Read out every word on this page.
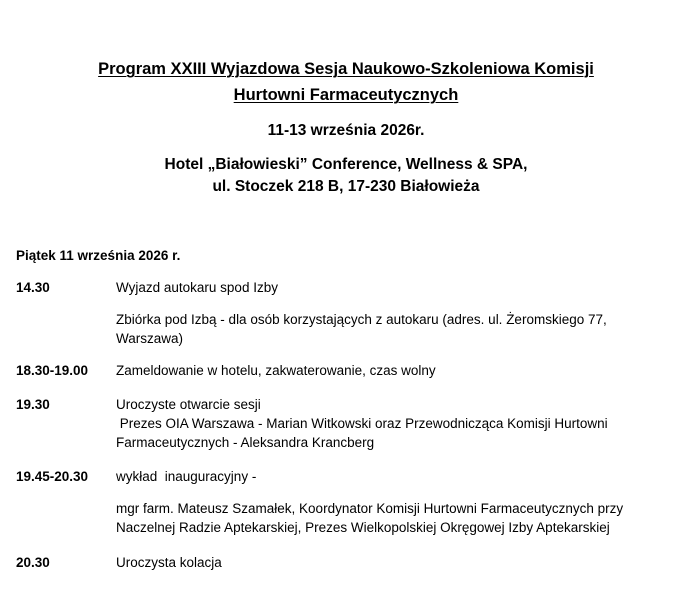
Program XXIII Wyjazdowa Sesja Naukowo-Szkoleniowa Komisji
Hurtowni Farmaceutycznych
11-13 września 2026r.
Hotel „Białowieski” Conference, Wellness & SPA,
ul. Stoczek 218 B, 17-230 Białowieża
Piątek 11 września 2026 r.
14.30	Wyjazd autokaru spod Izby
Zbiórka pod Izbą - dla osób korzystających z autokaru (adres. ul. Żeromskiego 77,
Warszawa)
18.30-19.00 Zameldowanie w hotelu, zakwaterowanie, czas wolny
19.30	Uroczyste otwarcie sesji
Prezes OIA Warszawa - Marian Witkowski oraz Przewodnicząca Komisji Hurtowni
Farmaceutycznych - Aleksandra Krancberg
19.45-20.30 wykład  inauguracyjny -
mgr farm. Mateusz Szamałek, Koordynator Komisji Hurtowni Farmaceutycznych przy
Naczelnej Radzie Aptekarskiej, Prezes Wielkopolskiej Okręgowej Izby Aptekarskiej
20.30	Uroczysta kolacja
